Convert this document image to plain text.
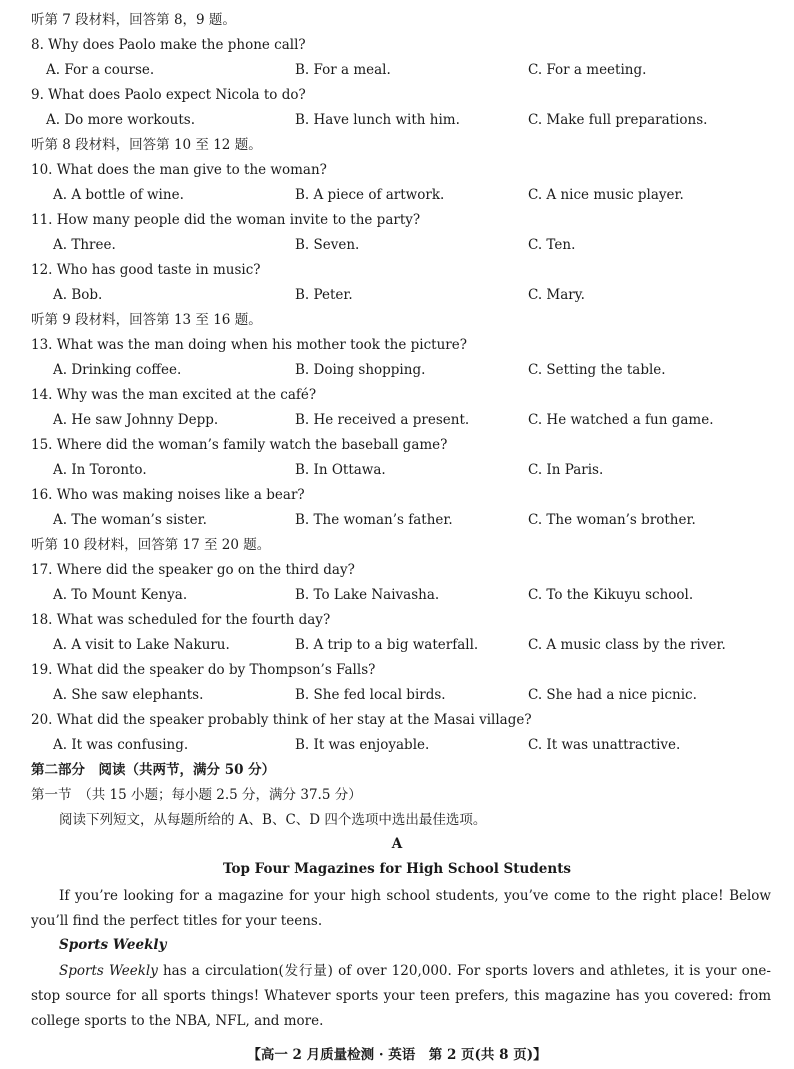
听第 7 段材料，回答第 8，9 题。
8. Why does Paolo make the phone call?
A. For a course.	B. For a meal.	C. For a meeting.
9. What does Paolo expect Nicola to do?
A. Do more workouts.	B. Have lunch with him.	C. Make full preparations.
听第 8 段材料，回答第 10 至 12 题。
10. What does the man give to the woman?
A. A bottle of wine.	B. A piece of artwork.	C. A nice music player.
11. How many people did the woman invite to the party?
A. Three.	B. Seven.	C. Ten.
12. Who has good taste in music?
A. Bob.	B. Peter.	C. Mary.
听第 9 段材料，回答第 13 至 16 题。
13. What was the man doing when his mother took the picture?
A. Drinking coffee.	B. Doing shopping.	C. Setting the table.
14. Why was the man excited at the café?
A. He saw Johnny Depp.	B. He received a present.	C. He watched a fun game.
15. Where did the woman’s family watch the baseball game?
A. In Toronto.	B. In Ottawa.	C. In Paris.
16. Who was making noises like a bear?
A. The woman’s sister.	B. The woman’s father.	C. The woman’s brother.
听第 10 段材料，回答第 17 至 20 题。
17. Where did the speaker go on the third day?
A. To Mount Kenya.	B. To Lake Naivasha.	C. To the Kikuyu school.
18. What was scheduled for the fourth day?
A. A visit to Lake Nakuru.	B. A trip to a big waterfall.	C. A music class by the river.
19. What did the speaker do by Thompson’s Falls?
A. She saw elephants.	B. She fed local birds.	C. She had a nice picnic.
20. What did the speaker probably think of her stay at the Masai village?
A. It was confusing.	B. It was enjoyable.	C. It was unattractive.
第二部分　阅读（共两节，满分 50 分）
第一节　（共 15 小题；每小题 2.5 分，满分 37.5 分）
阅读下列短文，从每题所给的 A、B、C、D 四个选项中选出最佳选项。
A
Top Four Magazines for High School Students
If you’re looking for a magazine for your high school students, you’ve come to the right place! Below you’ll find the perfect titles for your teens.
Sports Weekly
Sports Weekly has a circulation(发行量) of over 120,000. For sports lovers and athletes, it is your one-stop source for all sports things! Whatever sports your teen prefers, this magazine has you covered: from college sports to the NBA, NFL, and more.
【高一 2 月质量检测 · 英语　第 2 页(共 8 页)】
